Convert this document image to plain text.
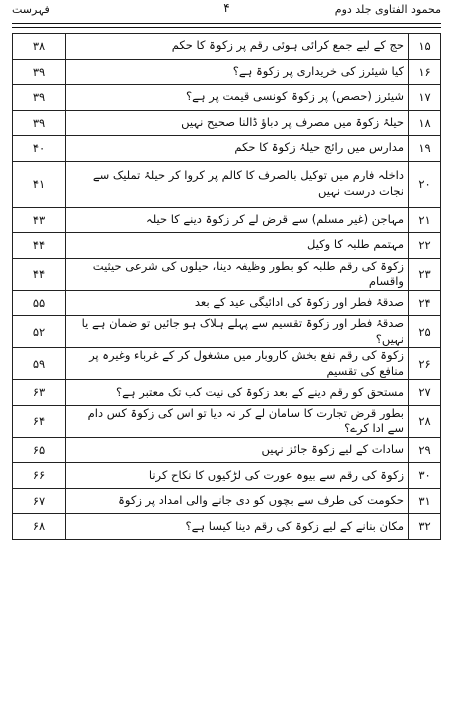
فہرست	۴	محمود الفتاوی جلد دوم
۳۸	حج کے لیے جمع کرائی ہوئی رقم پر زکوۃ کا حکم	۱۵
۳۹	کیا شیئرز کی خریداری پر زکوۃ ہے؟	۱۶
۳۹	شیئرز (حصص) پر زکوۃ کونسی قیمت پر ہے؟	۱۷
۳۹	حیلۂ زکوۃ میں مصرف پر دباؤ ڈالنا صحیح نہیں	۱۸
۴۰	مدارس میں رائج حیلۂ زکوۃ کا حکم	۱۹
۴۱	داخلہ فارم میں توکیل بالصرف کا کالم پر کروا کر حیلۂ تملیک سے نجات درست نہیں	۲۰
۴۳	مہاجن (غیر مسلم) سے قرض لے کر زکوۃ دینے کا حیلہ	۲۱
۴۴	مہتمم طلبہ کا وکیل	۲۲
۴۴	زکوۃ کی رقم طلبہ کو بطور وظیفہ دینا، حیلوں کی شرعی حیثیت واقسام	۲۳
۵۵	صدقۂ فطر اور زکوۃ کی ادائیگی عید کے بعد	۲۴
۵۲	صدقۂ فطر اور زکوۃ تقسیم سے پہلے ہلاک ہو جائیں تو ضمان ہے یا نہیں؟	۲۵
۵۹	زکوۃ کی رقم نفع بخش کاروبار میں مشغول کر کے غرباء وغیرہ پر منافع کی تقسیم	۲۶
۶۳	مستحق کو رقم دینے کے بعد زکوۃ کی نیت کب تک معتبر ہے؟	۲۷
۶۴	بطور قرض تجارت کا سامان لے کر نہ دیا تو اس کی زکوۃ کس دام سے ادا کرے؟	۲۸
۶۵	سادات کے لیے زکوۃ جائز نہیں	۲۹
۶۶	زکوۃ کی رقم سے بیوہ عورت کی لڑکیوں کا نکاح کرنا	۳۰
۶۷	حکومت کی طرف سے بچوں کو دی جانے والی امداد پر زکوۃ	۳۱
۶۸	مکان بنانے کے لیے زکوۃ کی رقم دینا کیسا ہے؟	۳۲
